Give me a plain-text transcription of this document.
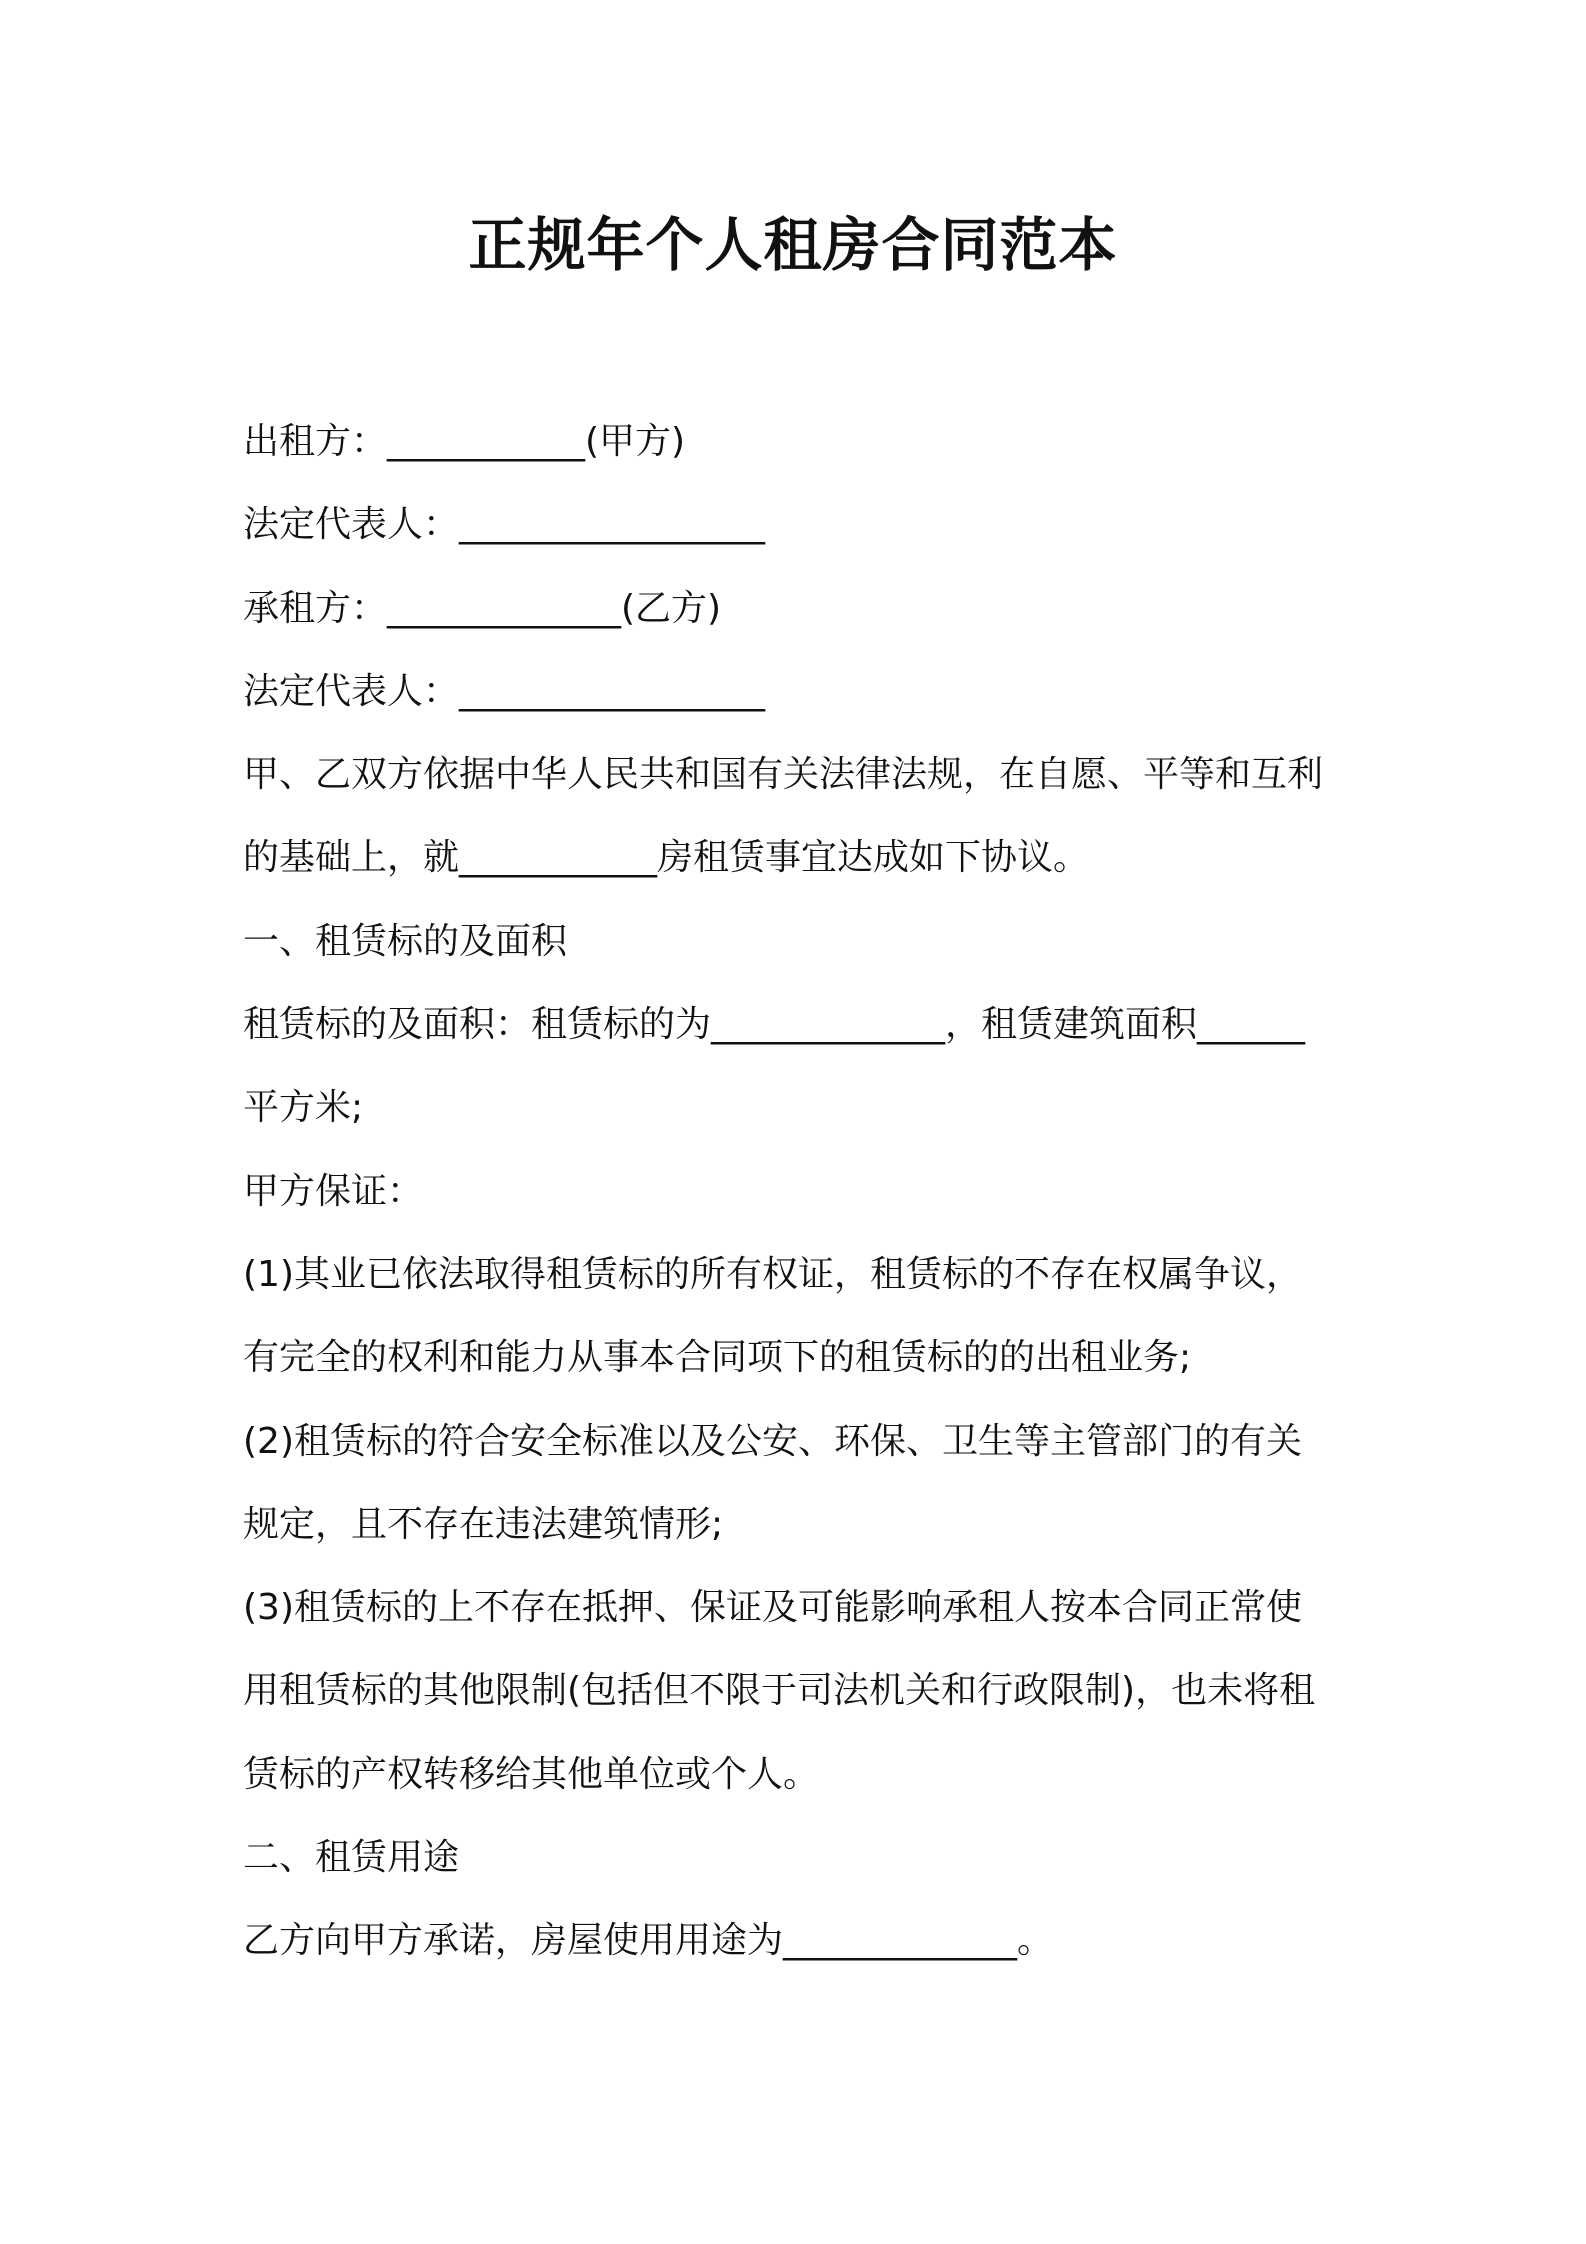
正规年个人租房合同范本
出租方：___________(甲方)
法定代表人：_________________
承租方：_____________(乙方)
法定代表人：_________________
甲、乙双方依据中华人民共和国有关法律法规，在自愿、平等和互利
的基础上，就___________房租赁事宜达成如下协议。
一、租赁标的及面积
租赁标的及面积：租赁标的为_____________，租赁建筑面积______
平方米;
甲方保证：
(1)其业已依法取得租赁标的所有权证，租赁标的不存在权属争议，
有完全的权利和能力从事本合同项下的租赁标的的出租业务;
(2)租赁标的符合安全标准以及公安、环保、卫生等主管部门的有关
规定，且不存在违法建筑情形;
(3)租赁标的上不存在抵押、保证及可能影响承租人按本合同正常使
用租赁标的其他限制(包括但不限于司法机关和行政限制)，也未将租
赁标的产权转移给其他单位或个人。
二、租赁用途
乙方向甲方承诺，房屋使用用途为_____________。
